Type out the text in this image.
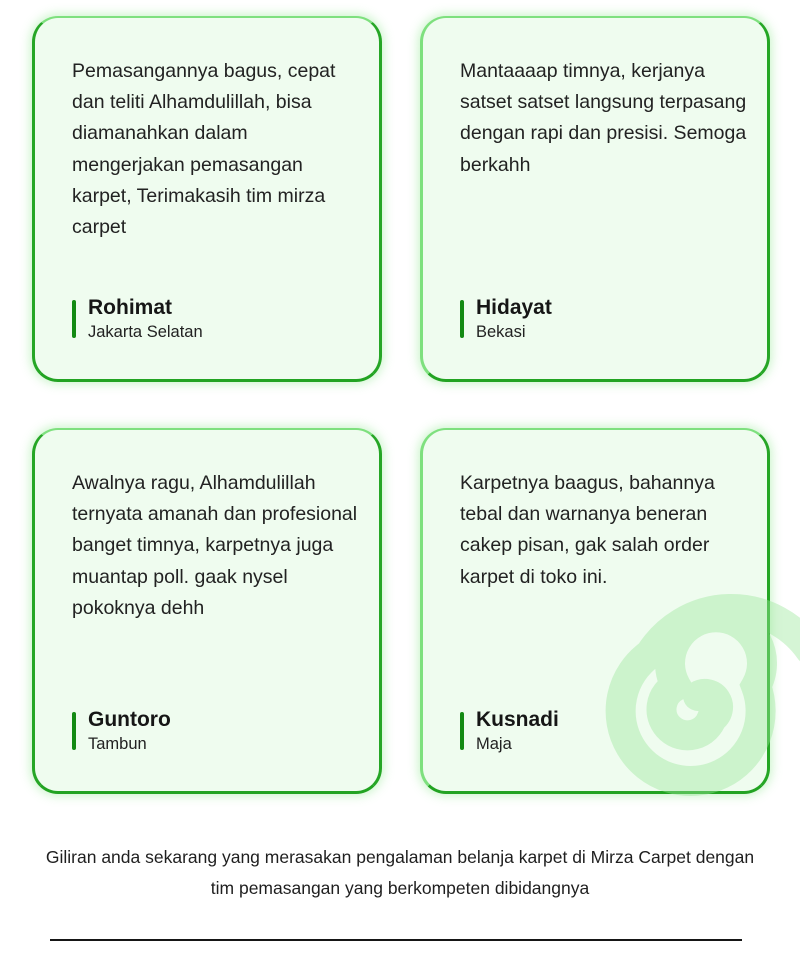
Pemasangannya bagus, cepat dan teliti Alhamdulillah, bisa diamanahkan dalam mengerjakan pemasangan karpet, Terimakasih tim mirza carpet

Rohimat
Jakarta Selatan

Mantaaaap timnya, kerjanya satset satset langsung terpasang dengan rapi dan presisi. Semoga berkahh

Hidayat
Bekasi

Awalnya ragu, Alhamdulillah ternyata amanah dan profesional banget timnya, karpetnya juga muantap poll. gaak nysel pokoknya dehh

Guntoro
Tambun

Karpetnya baagus, bahannya tebal dan warnanya beneran cakep pisan, gak salah order karpet di toko ini.

Kusnadi
Maja

Giliran anda sekarang yang merasakan pengalaman belanja karpet di Mirza Carpet dengan tim pemasangan yang berkompeten dibidangnya
